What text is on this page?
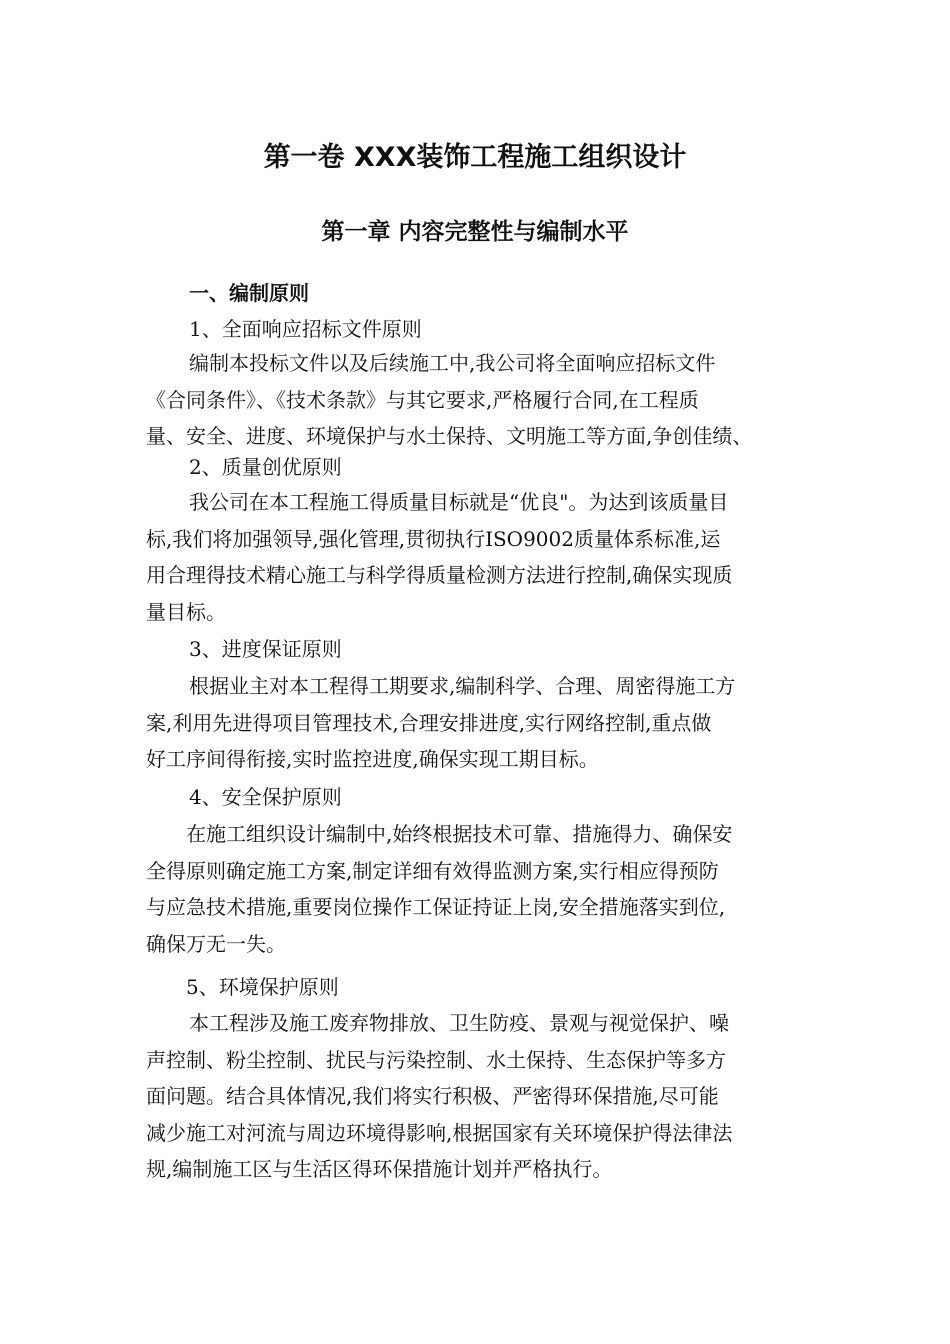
第一卷 XXX装饰工程施工组织设计
第一章 内容完整性与编制水平
一、编制原则

1、全面响应招标文件原则

编制本投标文件以及后续施工中,我公司将全面响应招标文件
《合同条件》、《技术条款》与其它要求,严格履行合同,在工程质
量、安全、进度、环境保护与水土保持、文明施工等方面,争创佳绩、

2、质量创优原则

我公司在本工程施工得质量目标就是“优良"。为达到该质量目
标,我们将加强领导,强化管理,贯彻执行ISO9002质量体系标准,运
用合理得技术精心施工与科学得质量检测方法进行控制,确保实现质
量目标。

3、进度保证原则

根据业主对本工程得工期要求,编制科学、合理、周密得施工方
案,利用先进得项目管理技术,合理安排进度,实行网络控制,重点做
好工序间得衔接,实时监控进度,确保实现工期目标。

4、安全保护原则

在施工组织设计编制中,始终根据技术可靠、措施得力、确保安
全得原则确定施工方案,制定详细有效得监测方案,实行相应得预防
与应急技术措施,重要岗位操作工保证持证上岗,安全措施落实到位,
确保万无一失。

5、环境保护原则

本工程涉及施工废弃物排放、卫生防疫、景观与视觉保护、噪
声控制、粉尘控制、扰民与污染控制、水土保持、生态保护等多方
面问题。结合具体情况,我们将实行积极、严密得环保措施,尽可能
减少施工对河流与周边环境得影响,根据国家有关环境保护得法律法
规,编制施工区与生活区得环保措施计划并严格执行。
